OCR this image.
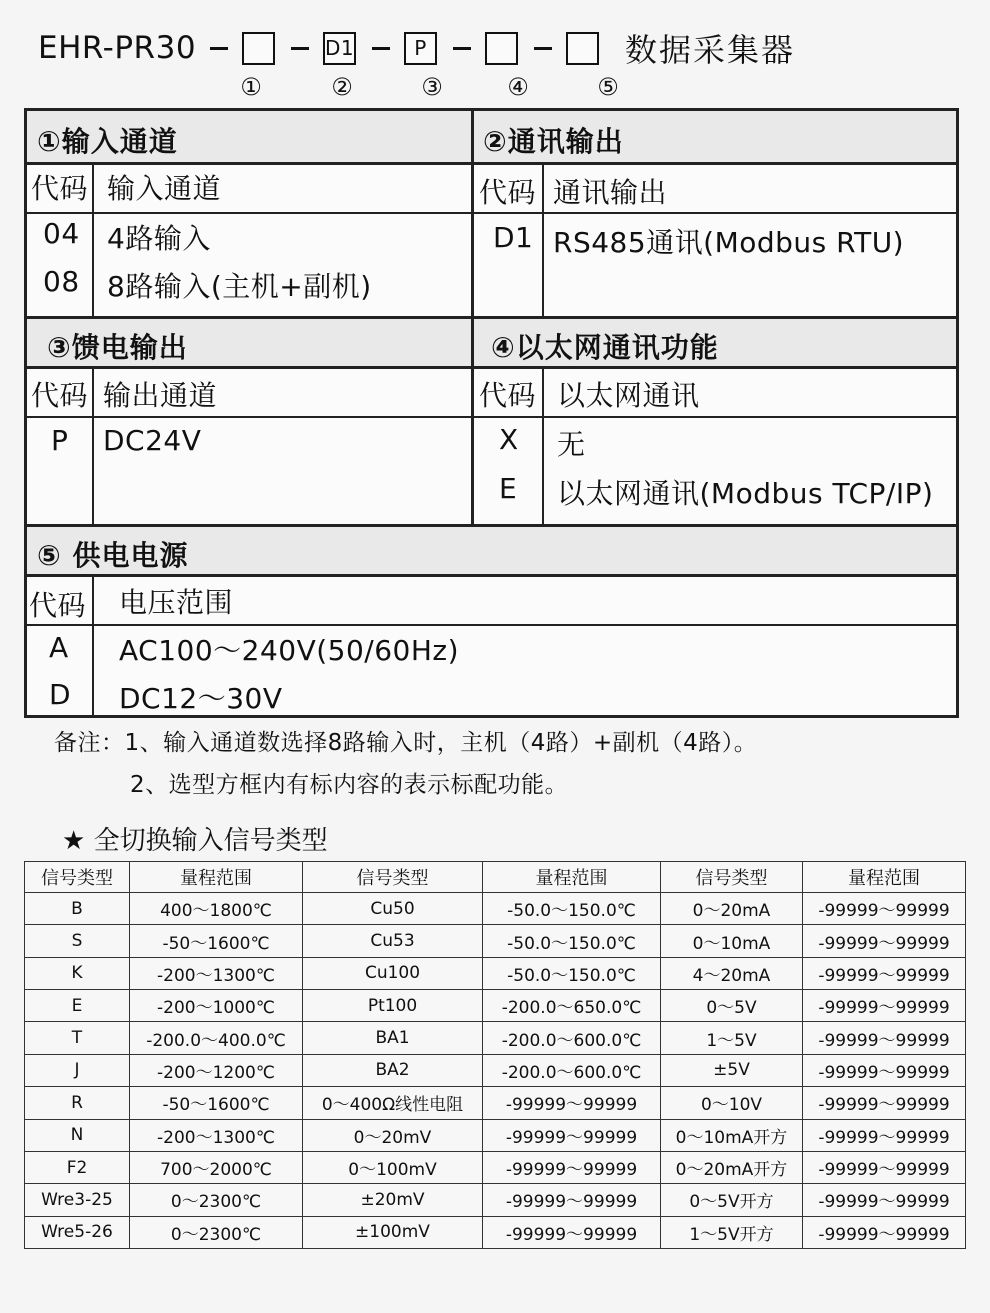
EHR-PR30	D1	P	数据采集器
①	②	③	④	⑤
①输入通道
代码 输入通道
04 4路输入
08 8路输入(主机+副机)
②通讯输出
代码 通讯输出
D1 RS485通讯(Modbus RTU)
③馈电输出
代码 输出通道
P DC24V
④以太网通讯功能
代码 以太网通讯
X 无
E 以太网通讯(Modbus TCP/IP)
⑤ 供电电源
代码 电压范围
A AC100～240V(50/60Hz)
D DC12～30V
备注：1、输入通道数选择8路输入时，主机（4路）+副机（4路）。
2、选型方框内有标内容的表示标配功能。
★ 全切换输入信号类型
信号类型	量程范围	信号类型	量程范围	信号类型	量程范围
B	400～1800℃	Cu50	-50.0～150.0℃	0～20mA	-99999～99999
S	-50～1600℃	Cu53	-50.0～150.0℃	0～10mA	-99999～99999
K	-200～1300℃	Cu100	-50.0～150.0℃	4～20mA	-99999～99999
E	-200～1000℃	Pt100	-200.0～650.0℃	0～5V	-99999～99999
T	-200.0～400.0℃	BA1	-200.0～600.0℃	1～5V	-99999～99999
J	-200～1200℃	BA2	-200.0～600.0℃	±5V	-99999～99999
R	-50～1600℃	0～400Ω线性电阻	-99999～99999	0～10V	-99999～99999
N	-200～1300℃	0～20mV	-99999～99999	0～10mA开方	-99999～99999
F2	700～2000℃	0～100mV	-99999～99999	0～20mA开方	-99999～99999
Wre3-25	0～2300℃	±20mV	-99999～99999	0～5V开方	-99999～99999
Wre5-26	0～2300℃	±100mV	-99999～99999	1～5V开方	-99999～99999
